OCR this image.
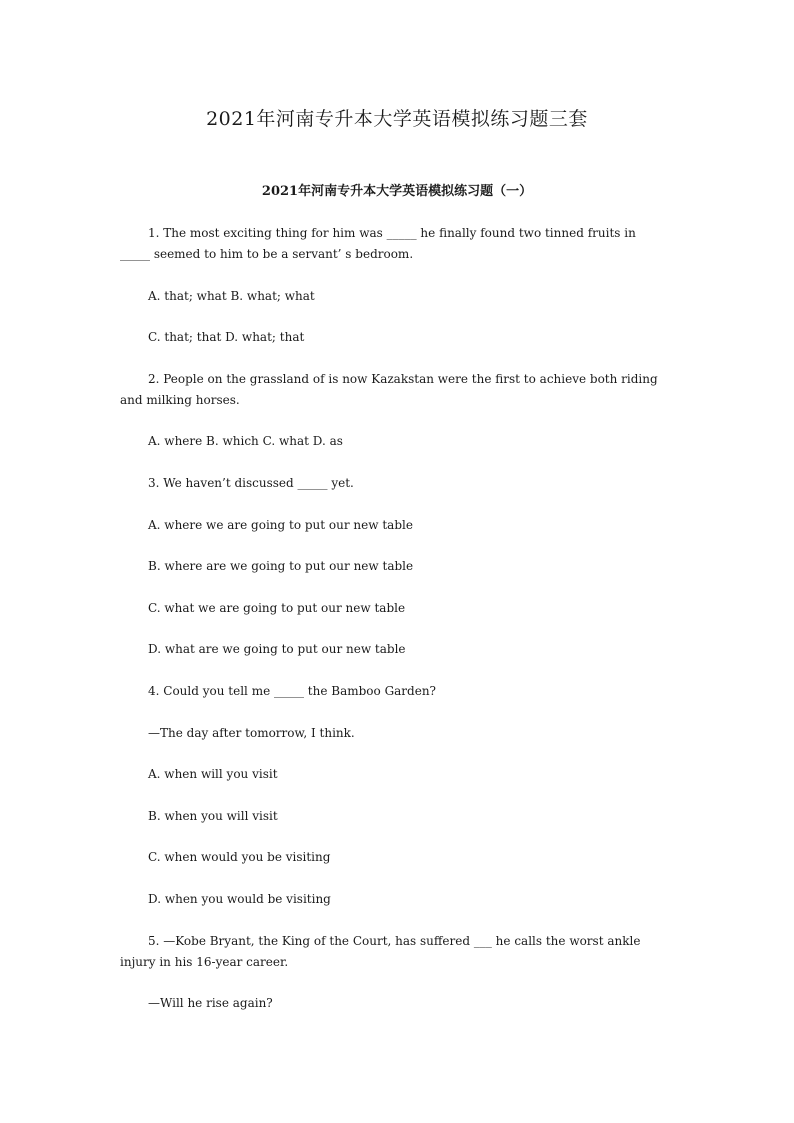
2021年河南专升本大学英语模拟练习题三套
2021年河南专升本大学英语模拟练习题（一）

1. The most exciting thing for him was _____ he finally found two tinned fruits in _____ seemed to him to be a servant’ s bedroom.

A. that; what B. what; what

C. that; that D. what; that

2. People on the grassland of is now Kazakstan were the first to achieve both riding and milking horses.

A. where B. which C. what D. as

3. We haven’t discussed _____ yet.

A. where we are going to put our new table

B. where are we going to put our new table

C. what we are going to put our new table

D. what are we going to put our new table

4. Could you tell me _____ the Bamboo Garden?

—The day after tomorrow, I think.

A. when will you visit

B. when you will visit

C. when would you be visiting

D. when you would be visiting

5. —Kobe Bryant, the King of the Court, has suffered ___ he calls the worst ankle injury in his 16-year career.

—Will he rise again?
